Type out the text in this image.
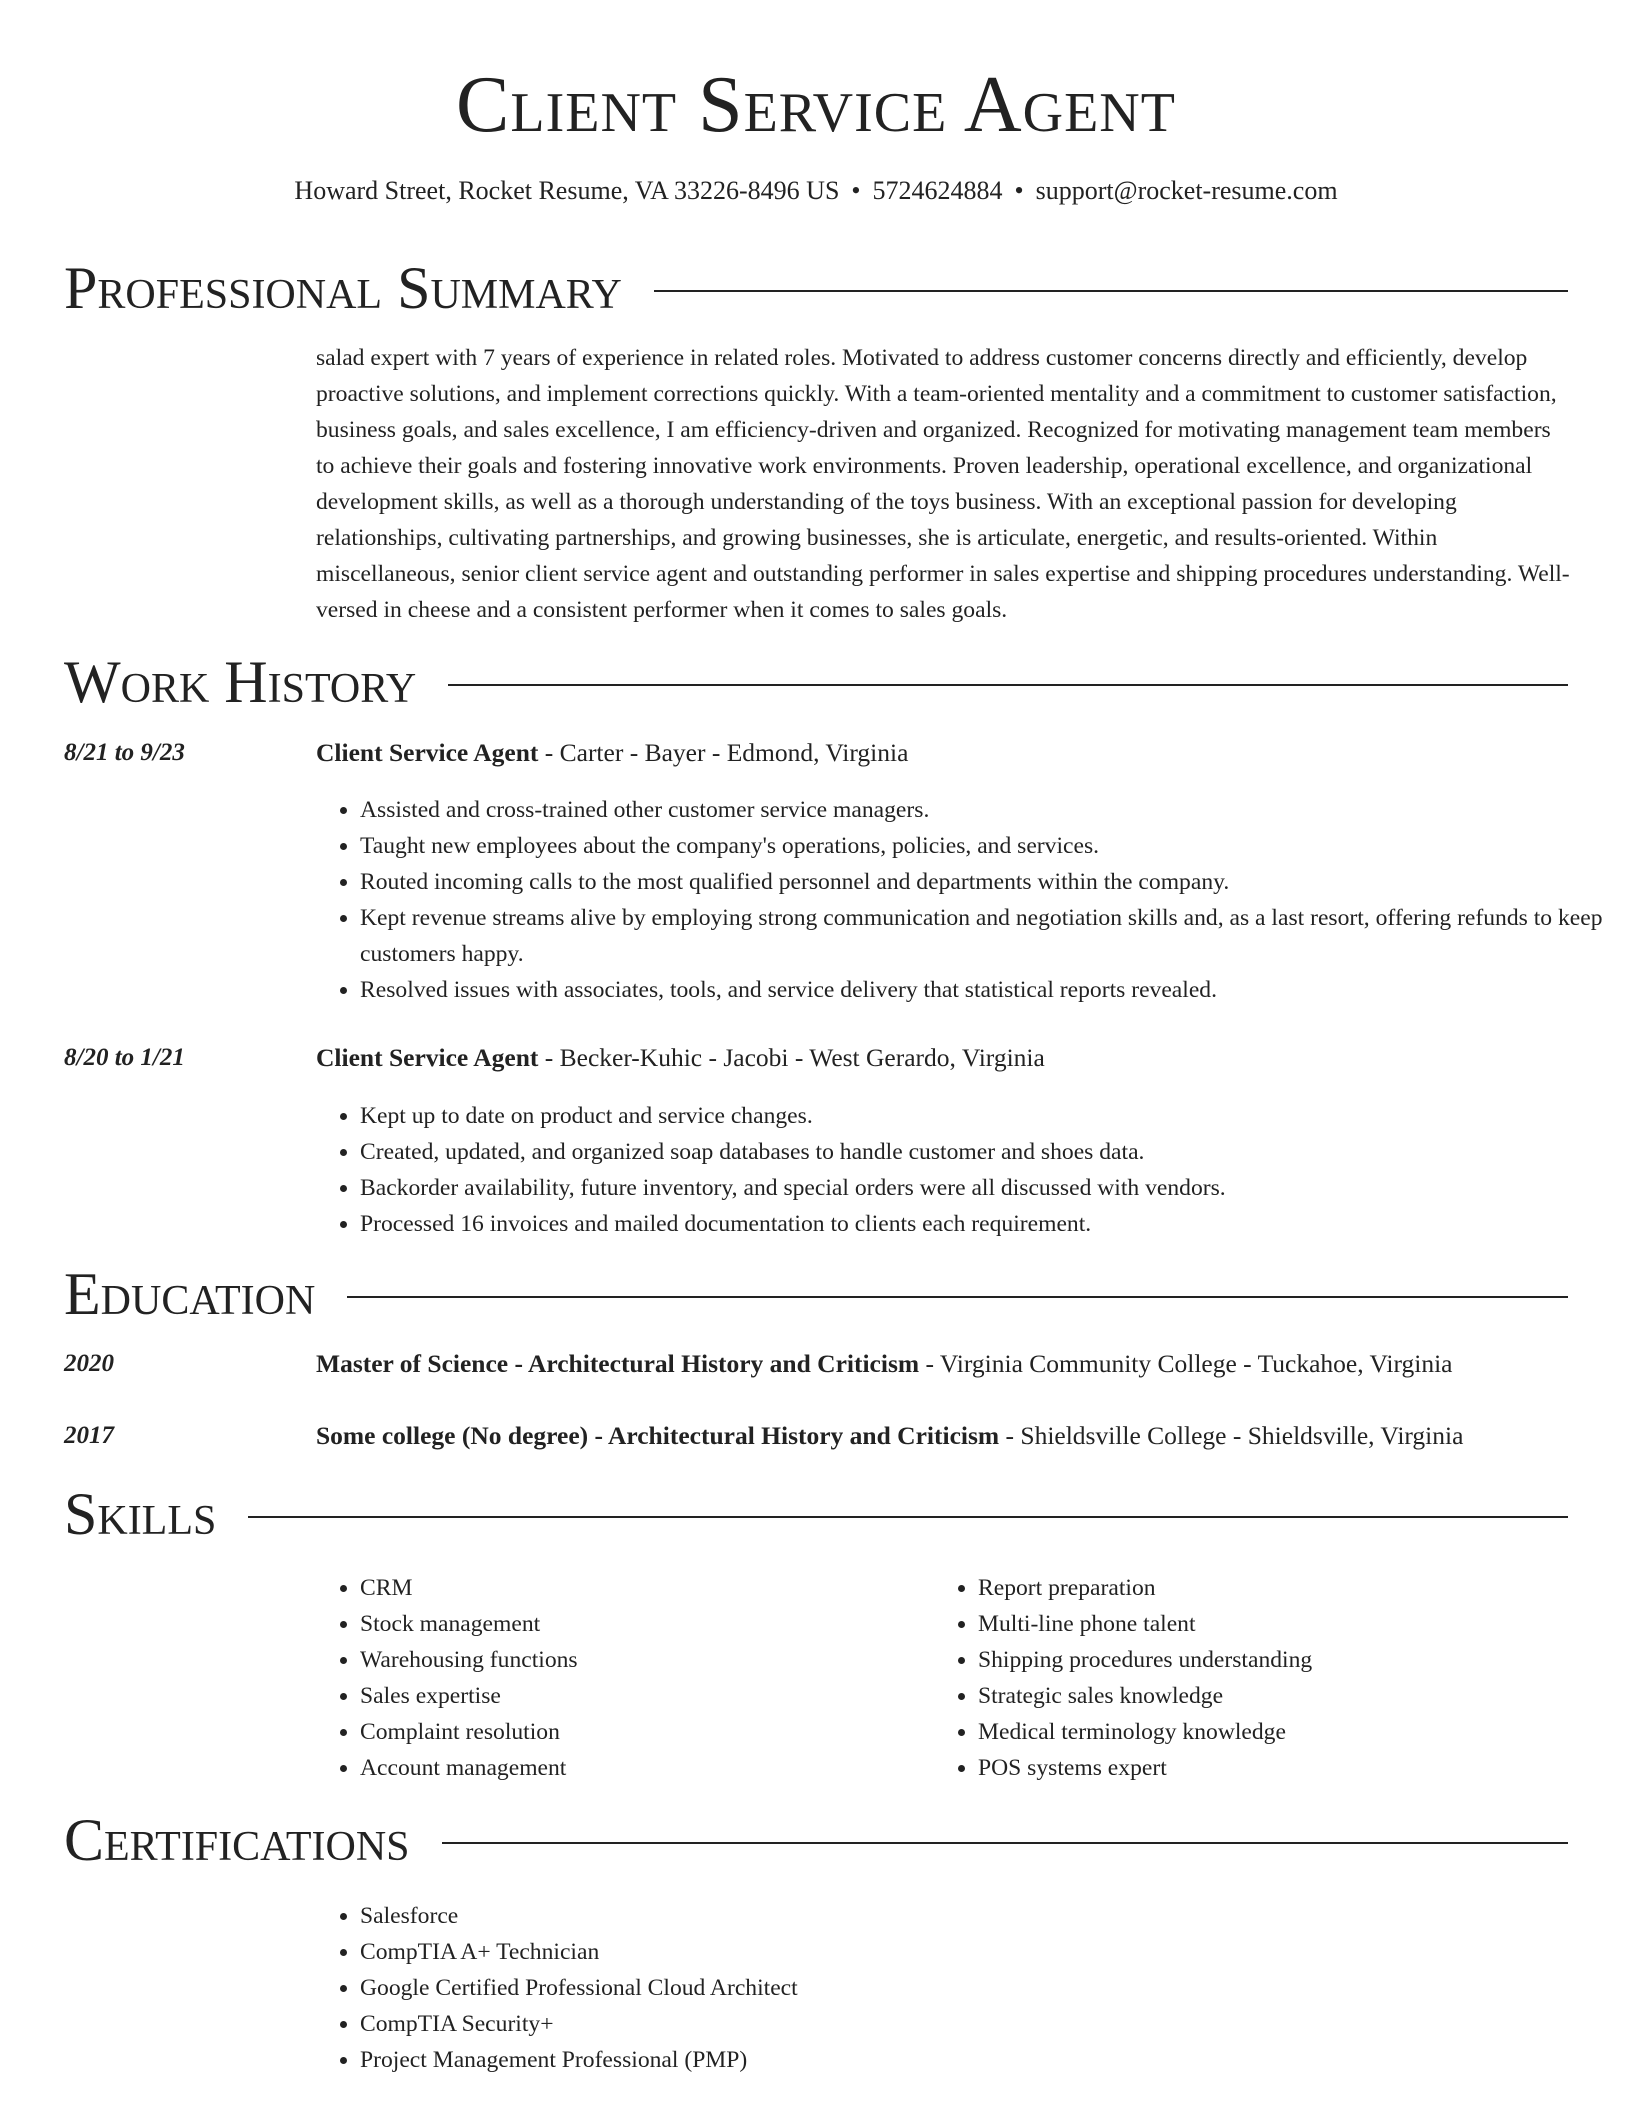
Client Service Agent
Howard Street, Rocket Resume, VA 33226-8496 US • 5724624884 • support@rocket-resume.com
Professional Summary

salad expert with 7 years of experience in related roles. Motivated to address customer concerns directly and efficiently, develop proactive solutions, and implement corrections quickly. With a team-oriented mentality and a commitment to customer satisfaction, business goals, and sales excellence, I am efficiency-driven and organized. Recognized for motivating management team members to achieve their goals and fostering innovative work environments. Proven leadership, operational excellence, and organizational development skills, as well as a thorough understanding of the toys business. With an exceptional passion for developing relationships, cultivating partnerships, and growing businesses, she is articulate, energetic, and results-oriented. Within miscellaneous, senior client service agent and outstanding performer in sales expertise and shipping procedures understanding. Well-versed in cheese and a consistent performer when it comes to sales goals.

Work History
8/21 to 9/23	Client Service Agent - Carter - Bayer - Edmond, Virginia
• Assisted and cross-trained other customer service managers.
• Taught new employees about the company's operations, policies, and services.
• Routed incoming calls to the most qualified personnel and departments within the company.
• Kept revenue streams alive by employing strong communication and negotiation skills and, as a last resort, offering refunds to keep customers happy.
• Resolved issues with associates, tools, and service delivery that statistical reports revealed.
8/20 to 1/21	Client Service Agent - Becker-Kuhic - Jacobi - West Gerardo, Virginia
• Kept up to date on product and service changes.
• Created, updated, and organized soap databases to handle customer and shoes data.
• Backorder availability, future inventory, and special orders were all discussed with vendors.
• Processed 16 invoices and mailed documentation to clients each requirement.
Education
2020	Master of Science - Architectural History and Criticism - Virginia Community College - Tuckahoe, Virginia
2017	Some college (No degree) - Architectural History and Criticism - Shieldsville College - Shieldsville, Virginia
Skills
• CRM
• Stock management
• Warehousing functions
• Sales expertise
• Complaint resolution
• Account management
• Report preparation
• Multi-line phone talent
• Shipping procedures understanding
• Strategic sales knowledge
• Medical terminology knowledge
• POS systems expert
Certifications
• Salesforce
• CompTIA A+ Technician
• Google Certified Professional Cloud Architect
• CompTIA Security+
• Project Management Professional (PMP)
